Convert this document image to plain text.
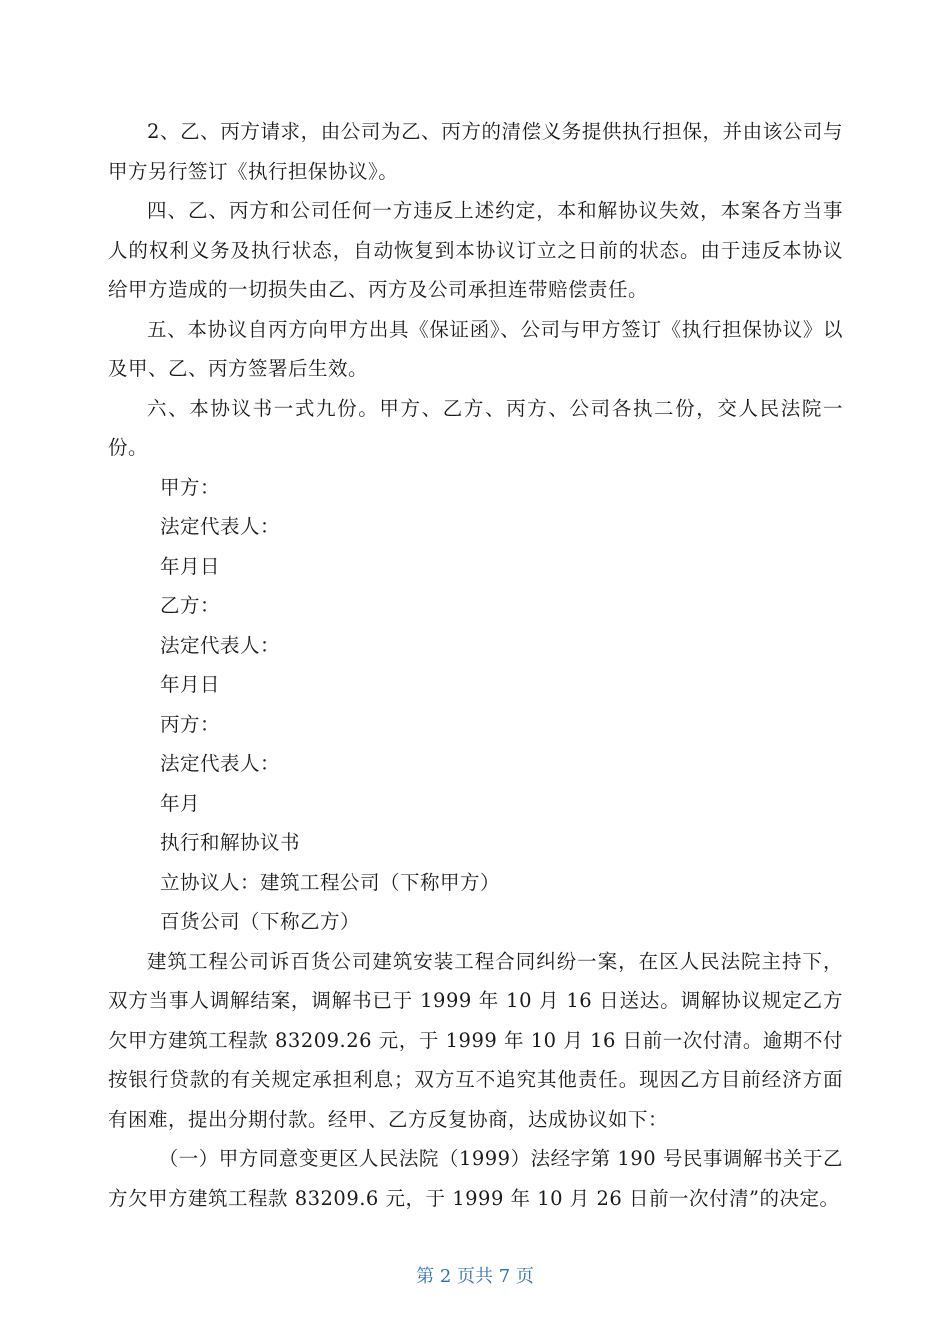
2、乙、丙方请求，由公司为乙、丙方的清偿义务提供执行担保，并由该公司与甲方另行签订《执行担保协议》。

四、乙、丙方和公司任何一方违反上述约定，本和解协议失效，本案各方当事人的权利义务及执行状态，自动恢复到本协议订立之日前的状态。由于违反本协议给甲方造成的一切损失由乙、丙方及公司承担连带赔偿责任。

五、本协议自丙方向甲方出具《保证函》、公司与甲方签订《执行担保协议》以及甲、乙、丙方签署后生效。

六、本协议书一式九份。甲方、乙方、丙方、公司各执二份，交人民法院一份。

甲方：

法定代表人：

年月日

乙方：

法定代表人：

年月日

丙方：

法定代表人：

年月

执行和解协议书

立协议人：建筑工程公司（下称甲方）

百货公司（下称乙方）

建筑工程公司诉百货公司建筑安装工程合同纠纷一案，在区人民法院主持下，双方当事人调解结案，调解书已于 1999 年 10 月 16 日送达。调解协议规定乙方欠甲方建筑工程款 83209.26 元，于 1999 年 10 月 16 日前一次付清。逾期不付按银行贷款的有关规定承担利息；双方互不追究其他责任。现因乙方目前经济方面有困难，提出分期付款。经甲、乙方反复协商，达成协议如下：

（一）甲方同意变更区人民法院（1999）法经字第 190 号民事调解书关于乙方欠甲方建筑工程款 83209.6 元，于 1999 年 10 月 26 日前一次付清”的决定。

第 2 页共 7 页
